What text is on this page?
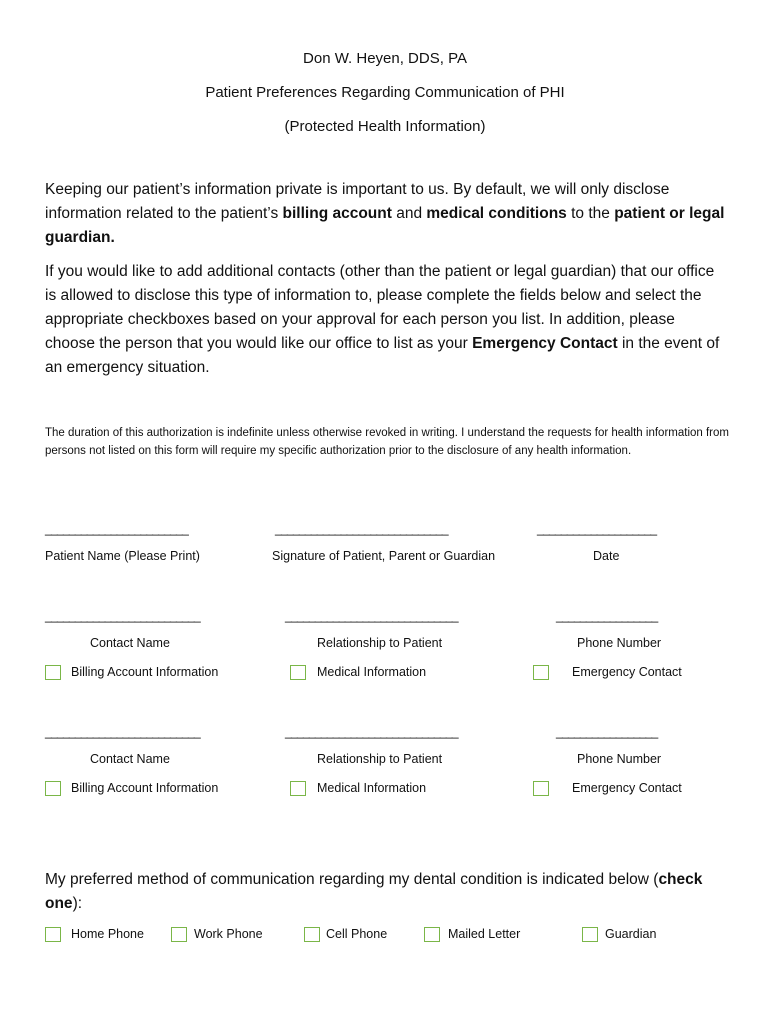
Don W. Heyen, DDS, PA
Patient Preferences Regarding Communication of PHI
(Protected Health Information)
Keeping our patient’s information private is important to us. By default, we will only disclose information related to the patient’s billing account and medical conditions to the patient or legal guardian.
If you would like to add additional contacts (other than the patient or legal guardian) that our office is allowed to disclose this type of information to, please complete the fields below and select the appropriate checkboxes based on your approval for each person you list. In addition, please choose the person that you would like our office to list as your Emergency Contact in the event of an emergency situation.
The duration of this authorization is indefinite unless otherwise revoked in writing. I understand the requests for health information from persons not listed on this form will require my specific authorization prior to the disclosure of any health information.
________________________	_____________________________	____________________
Patient Name (Please Print)	Signature of Patient, Parent or Guardian	Date
__________________________	_____________________________	_________________
Contact Name	Relationship to Patient	Phone Number
Billing Account Information	Medical Information	Emergency Contact
__________________________	_____________________________	_________________
Contact Name	Relationship to Patient	Phone Number
Billing Account Information	Medical Information	Emergency Contact
My preferred method of communication regarding my dental condition is indicated below (check one):
Home Phone	Work Phone	Cell Phone	Mailed Letter	Guardian
